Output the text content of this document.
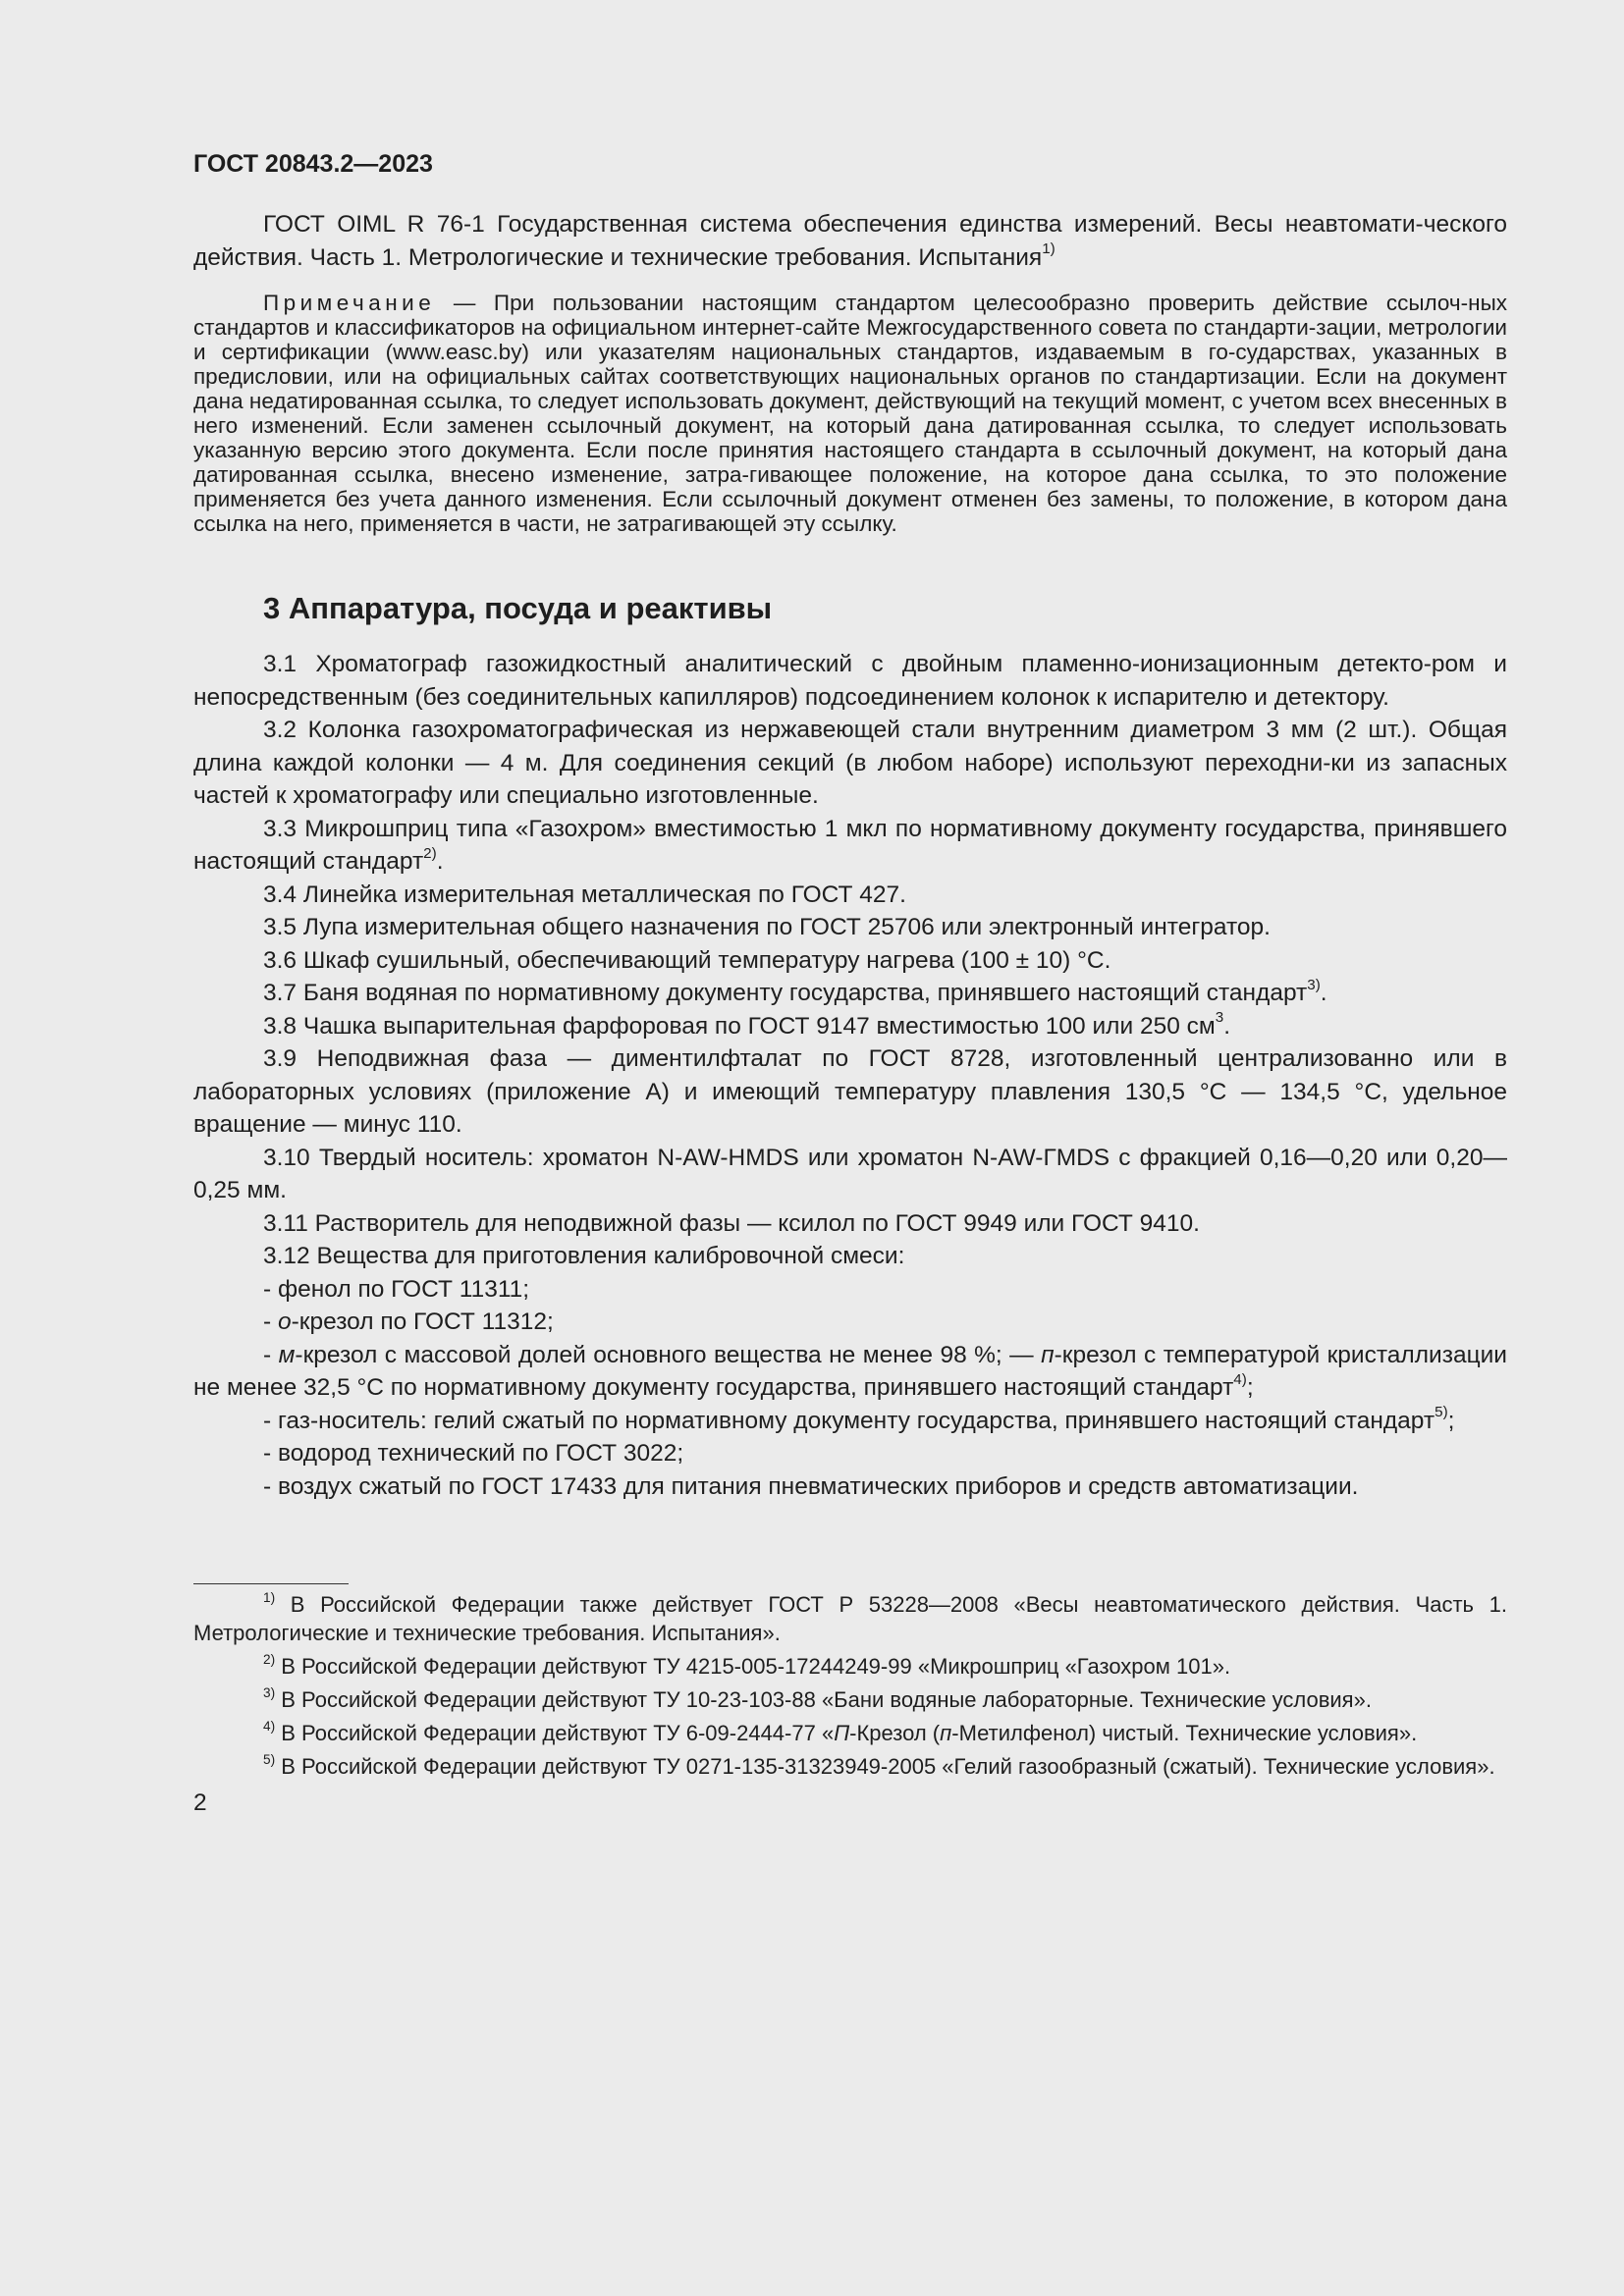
ГОСТ 20843.2—2023

ГОСТ OIML R 76-1 Государственная система обеспечения единства измерений. Весы неавтомати-ческого действия. Часть 1. Метрологические и технические требования. Испытания$^{1)}$

Примечание — При пользовании настоящим стандартом целесообразно проверить действие ссылоч-ных стандартов и классификаторов на официальном интернет-сайте Межгосударственного совета по стандарти-зации, метрологии и сертификации (www.easc.by) или указателям национальных стандартов, издаваемым в го-сударствах, указанных в предисловии, или на официальных сайтах соответствующих национальных органов по стандартизации. Если на документ дана недатированная ссылка, то следует использовать документ, действующий на текущий момент, с учетом всех внесенных в него изменений. Если заменен ссылочный документ, на который дана датированная ссылка, то следует использовать указанную версию этого документа. Если после принятия настоящего стандарта в ссылочный документ, на который дана датированная ссылка, внесено изменение, затра-гивающее положение, на которое дана ссылка, то это положение применяется без учета данного изменения. Если ссылочный документ отменен без замены, то положение, в котором дана ссылка на него, применяется в части, не затрагивающей эту ссылку.

3 Аппаратура, посуда и реактивы

3.1 Хроматограф газожидкостный аналитический с двойным пламенно-ионизационным детекто-ром и непосредственным (без соединительных капилляров) подсоединением колонок к испарителю и детектору.

3.2 Колонка газохроматографическая из нержавеющей стали внутренним диаметром 3 мм (2 шт.). Общая длина каждой колонки — 4 м. Для соединения секций (в любом наборе) используют переходни-ки из запасных частей к хроматографу или специально изготовленные.

3.3 Микрошприц типа «Газохром» вместимостью 1 мкл по нормативному документу государства, принявшего настоящий стандарт$^{2)}$.

3.4 Линейка измерительная металлическая по ГОСТ 427.

3.5 Лупа измерительная общего назначения по ГОСТ 25706 или электронный интегратор.

3.6 Шкаф сушильный, обеспечивающий температуру нагрева (100 ± 10) °С.

3.7 Баня водяная по нормативному документу государства, принявшего настоящий стандарт$^{3)}$.

3.8 Чашка выпарительная фарфоровая по ГОСТ 9147 вместимостью 100 или 250 $см^3$.

3.9 Неподвижная фаза — диментилфталат по ГОСТ 8728, изготовленный централизованно или в лабораторных условиях (приложение А) и имеющий температуру плавления 130,5 °С — 134,5 °С, удельное вращение — минус 110.

3.10 Твердый носитель: хроматон N-AW-HMDS или хроматон N-AW-ГMDS с фракцией 0,16—0,20 или 0,20—0,25 мм.

3.11 Растворитель для неподвижной фазы — ксилол по ГОСТ 9949 или ГОСТ 9410.

3.12 Вещества для приготовления калибровочной смеси:

- фенол по ГОСТ 11311;

- о-крезол по ГОСТ 11312;

- м-крезол с массовой долей основного вещества не менее 98 %; — п-крезол с температурой кристаллизации не менее 32,5 °С по нормативному документу государства, принявшего настоящий стандарт$^{4)}$;

- газ-носитель: гелий сжатый по нормативному документу государства, принявшего настоящий стандарт$^{5)}$;

- водород технический по ГОСТ 3022;

- воздух сжатый по ГОСТ 17433 для питания пневматических приборов и средств автоматизации.

$^{1)}$ В Российской Федерации также действует ГОСТ Р 53228—2008 «Весы неавтоматического действия. Часть 1. Метрологические и технические требования. Испытания».

$^{2)}$ В Российской Федерации действуют ТУ 4215-005-17244249-99 «Микрошприц «Газохром 101».

$^{3)}$ В Российской Федерации действуют ТУ 10-23-103-88 «Бани водяные лабораторные. Технические условия».

$^{4)}$ В Российской Федерации действуют ТУ 6-09-2444-77 «П-Крезол (п-Метилфенол) чистый. Технические условия».

$^{5)}$ В Российской Федерации действуют ТУ 0271-135-31323949-2005 «Гелий газообразный (сжатый). Технические условия».

2
